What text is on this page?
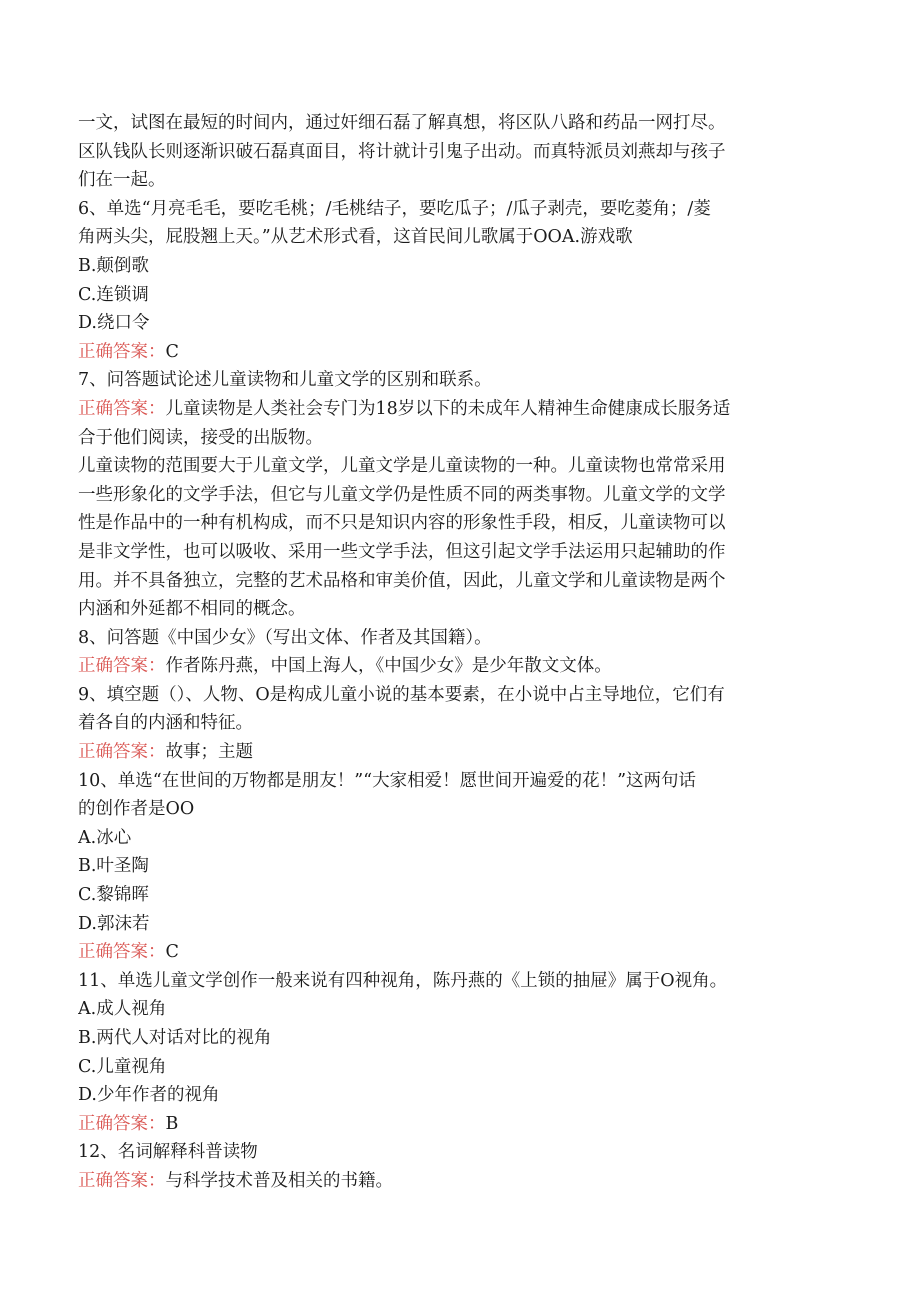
一文，试图在最短的时间内，通过奸细石磊了解真想，将区队八路和药品一网打尽。
区队钱队长则逐渐识破石磊真面目，将计就计引鬼子出动。而真特派员刘燕却与孩子
们在一起。
6、单选“月亮毛毛，要吃毛桃；/毛桃结子，要吃瓜子；/瓜子剥壳，要吃菱角；/菱
角两头尖，屁股翘上天。”从艺术形式看，这首民间儿歌属于OOA.游戏歌
B.颠倒歌
C.连锁调
D.绕口令
正确答案：C
7、问答题试论述儿童读物和儿童文学的区别和联系。
正确答案：儿童读物是人类社会专门为18岁以下的未成年人精神生命健康成长服务适
合于他们阅读，接受的出版物。
儿童读物的范围要大于儿童文学，儿童文学是儿童读物的一种。儿童读物也常常采用
一些形象化的文学手法，但它与儿童文学仍是性质不同的两类事物。儿童文学的文学
性是作品中的一种有机构成，而不只是知识内容的形象性手段，相反，儿童读物可以
是非文学性，也可以吸收、采用一些文学手法，但这引起文学手法运用只起辅助的作
用。并不具备独立，完整的艺术品格和审美价值，因此，儿童文学和儿童读物是两个
内涵和外延都不相同的概念。
8、问答题《中国少女》（写出文体、作者及其国籍）。
正确答案：作者陈丹燕，中国上海人，《中国少女》是少年散文文体。
9、填空题（）、人物、O是构成儿童小说的基本要素，在小说中占主导地位，它们有
着各自的内涵和特征。
正确答案：故事；主题
10、单选“在世间的万物都是朋友！”“大家相爱！愿世间开遍爱的花！”这两句话
的创作者是OO
A.冰心
B.叶圣陶
C.黎锦晖
D.郭沫若
正确答案：C
11、单选儿童文学创作一般来说有四种视角，陈丹燕的《上锁的抽屉》属于O视角。
A.成人视角
B.两代人对话对比的视角
C.儿童视角
D.少年作者的视角
正确答案：B
12、名词解释科普读物
正确答案：与科学技术普及相关的书籍。
